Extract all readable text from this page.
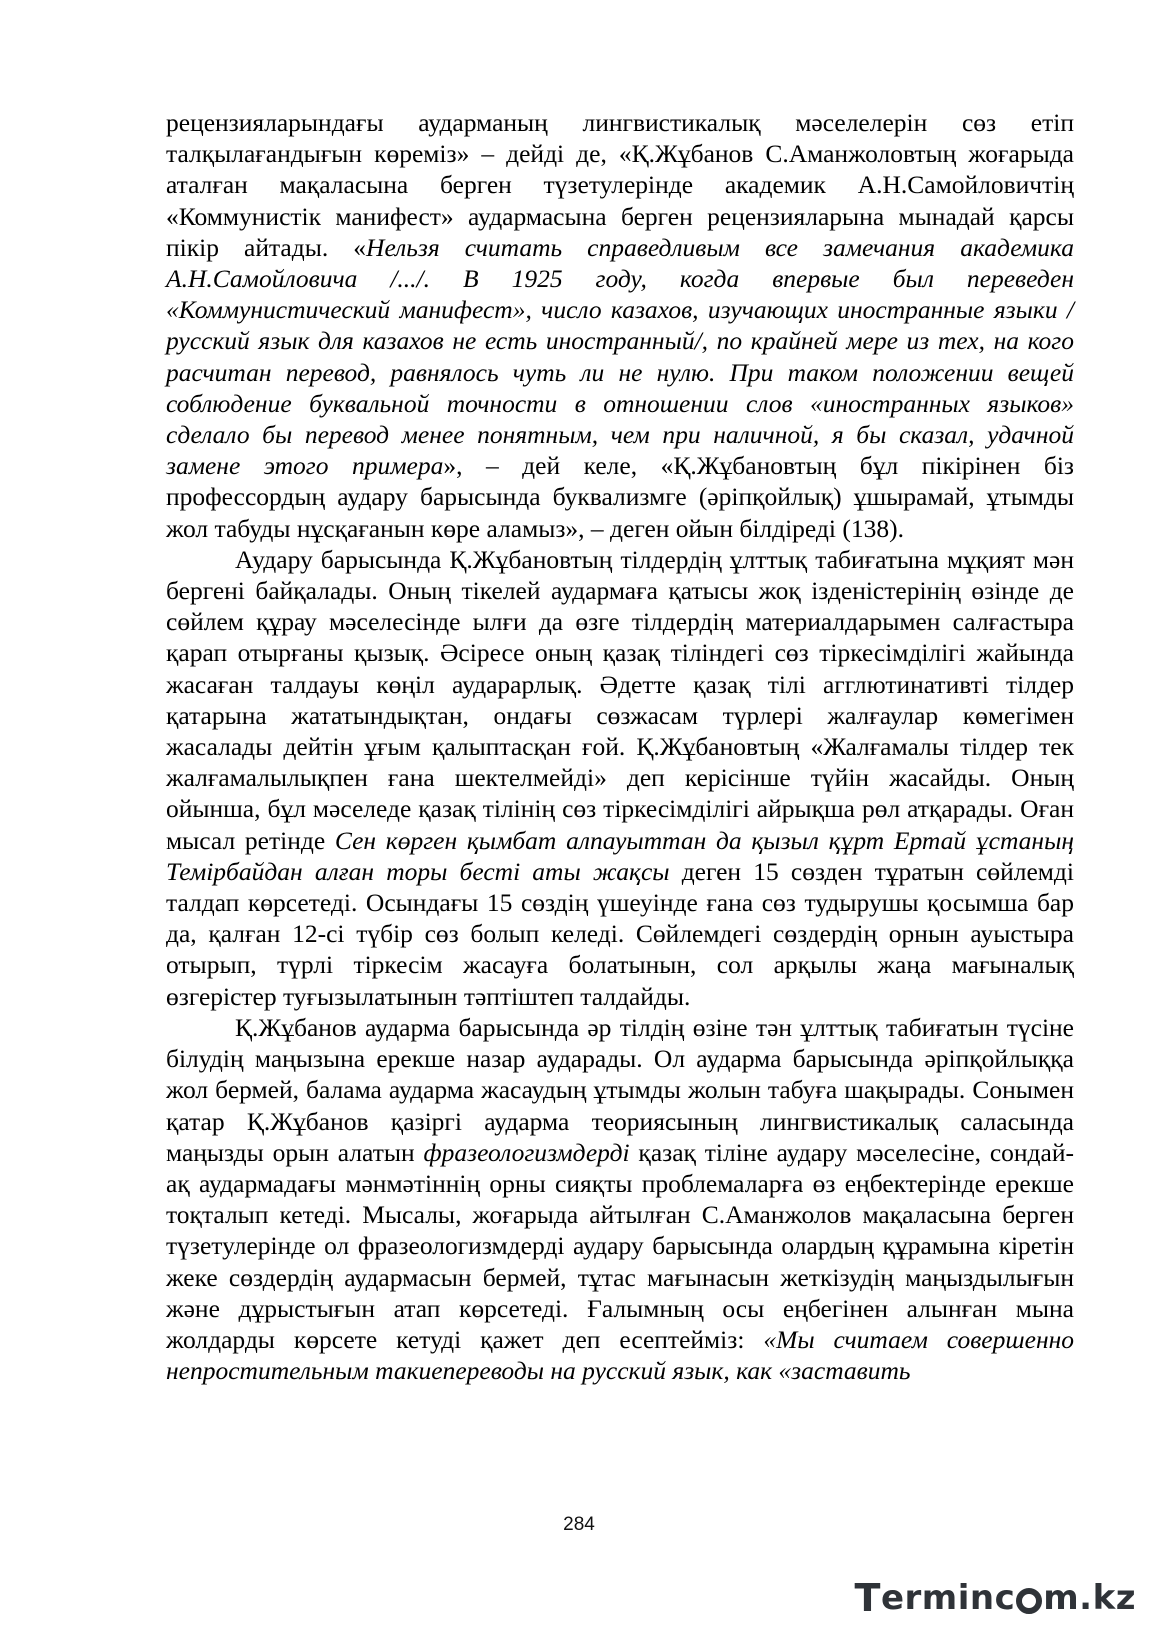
рецензияларындағы аударманың лингвистикалық мәселелерін сөз етіп талқылағандығын көреміз» – дейді де, «Қ.Жұбанов С.Аманжоловтың жоғарыда аталған мақаласына берген түзетулерінде академик А.Н.Самойловичтің «Коммунистік манифест» аудармасына берген рецензияларына мынадай қарсы пікір айтады. «Нельзя считать справедливым все замечания академика А.Н.Самойловича /.../. В 1925 году, когда впервые был переведен «Коммунистический манифест», число казахов, изучающих иностранные языки /русский язык для казахов не есть иностранный/, по крайней мере из тех, на кого расчитан перевод, равнялось чуть ли не нулю. При таком положении вещей соблюдение буквальной точности в отношении слов «иностранных языков» сделало бы перевод менее понятным, чем при наличной, я бы сказал, удачной замене этого примера», – дей келе, «Қ.Жұбановтың бұл пікірінен біз профессордың аудару барысында буквализмге (әріпқойлық) ұшырамай, ұтымды жол табуды нұсқағанын көре аламыз», – деген ойын білдіреді (138).

Аудару барысында Қ.Жұбановтың тілдердің ұлттық табиғатына мұқият мән бергені байқалады. Оның тікелей аудармаға қатысы жоқ ізденістерінің өзінде де сөйлем құрау мәселесінде ылғи да өзге тілдердің материалдарымен салғастыра қарап отырғаны қызық. Әсіресе оның қазақ тіліндегі сөз тіркесімділігі жайында жасаған талдауы көңіл аударарлық. Әдетте қазақ тілі агглютинативті тілдер қатарына жататындықтан, ондағы сөзжасам түрлері жалғаулар көмегімен жасалады дейтін ұғым қалыптасқан ғой. Қ.Жұбановтың «Жалғамалы тілдер тек жалғамалылықпен ғана шектелмейді» деп керісінше түйін жасайды. Оның ойынша, бұл мәселеде қазақ тілінің сөз тіркесімділігі айрықша рөл атқарады. Оған мысал ретінде Сен көрген қымбат алпауыттан да қызыл құрт Ертай ұстаның Темірбайдан алған торы бесті аты жақсы деген 15 сөзден тұратын сөйлемді талдап көрсетеді. Осындағы 15 сөздің үшеуінде ғана сөз тудырушы қосымша бар да, қалған 12-сі түбір сөз болып келеді. Сөйлемдегі сөздердің орнын ауыстыра отырып, түрлі тіркесім жасауға болатынын, сол арқылы жаңа мағыналық өзгерістер туғызылатынын тәптіштеп талдайды.

Қ.Жұбанов аударма барысында әр тілдің өзіне тән ұлттық табиғатын түсіне білудің маңызына ерекше назар аударады. Ол аударма барысында әріпқойлыққа жол бермей, балама аударма жасаудың ұтымды жолын табуға шақырады. Сонымен қатар Қ.Жұбанов қазіргі аударма теориясының лингвистикалық саласында маңызды орын алатын фразеологизмдерді қазақ тіліне аудару мәселесіне, сондай-ақ аудармадағы мәнмәтіннің орны сияқты проблемаларға өз еңбектерінде ерекше тоқталып кетеді. Мысалы, жоғарыда айтылған С.Аманжолов мақаласына берген түзетулерінде ол фразеологизмдерді аудару барысында олардың құрамына кіретін жеке сөздердің аудармасын бермей, тұтас мағынасын жеткізудің маңыздылығын және дұрыстығын атап көрсетеді. Ғалымның осы еңбегінен алынған мына жолдарды көрсете кетуді қажет деп есептейміз: «Мы считаем совершенно непростительным такиепереводы на русский язык, как «заставить

284
T erminc m.kz
